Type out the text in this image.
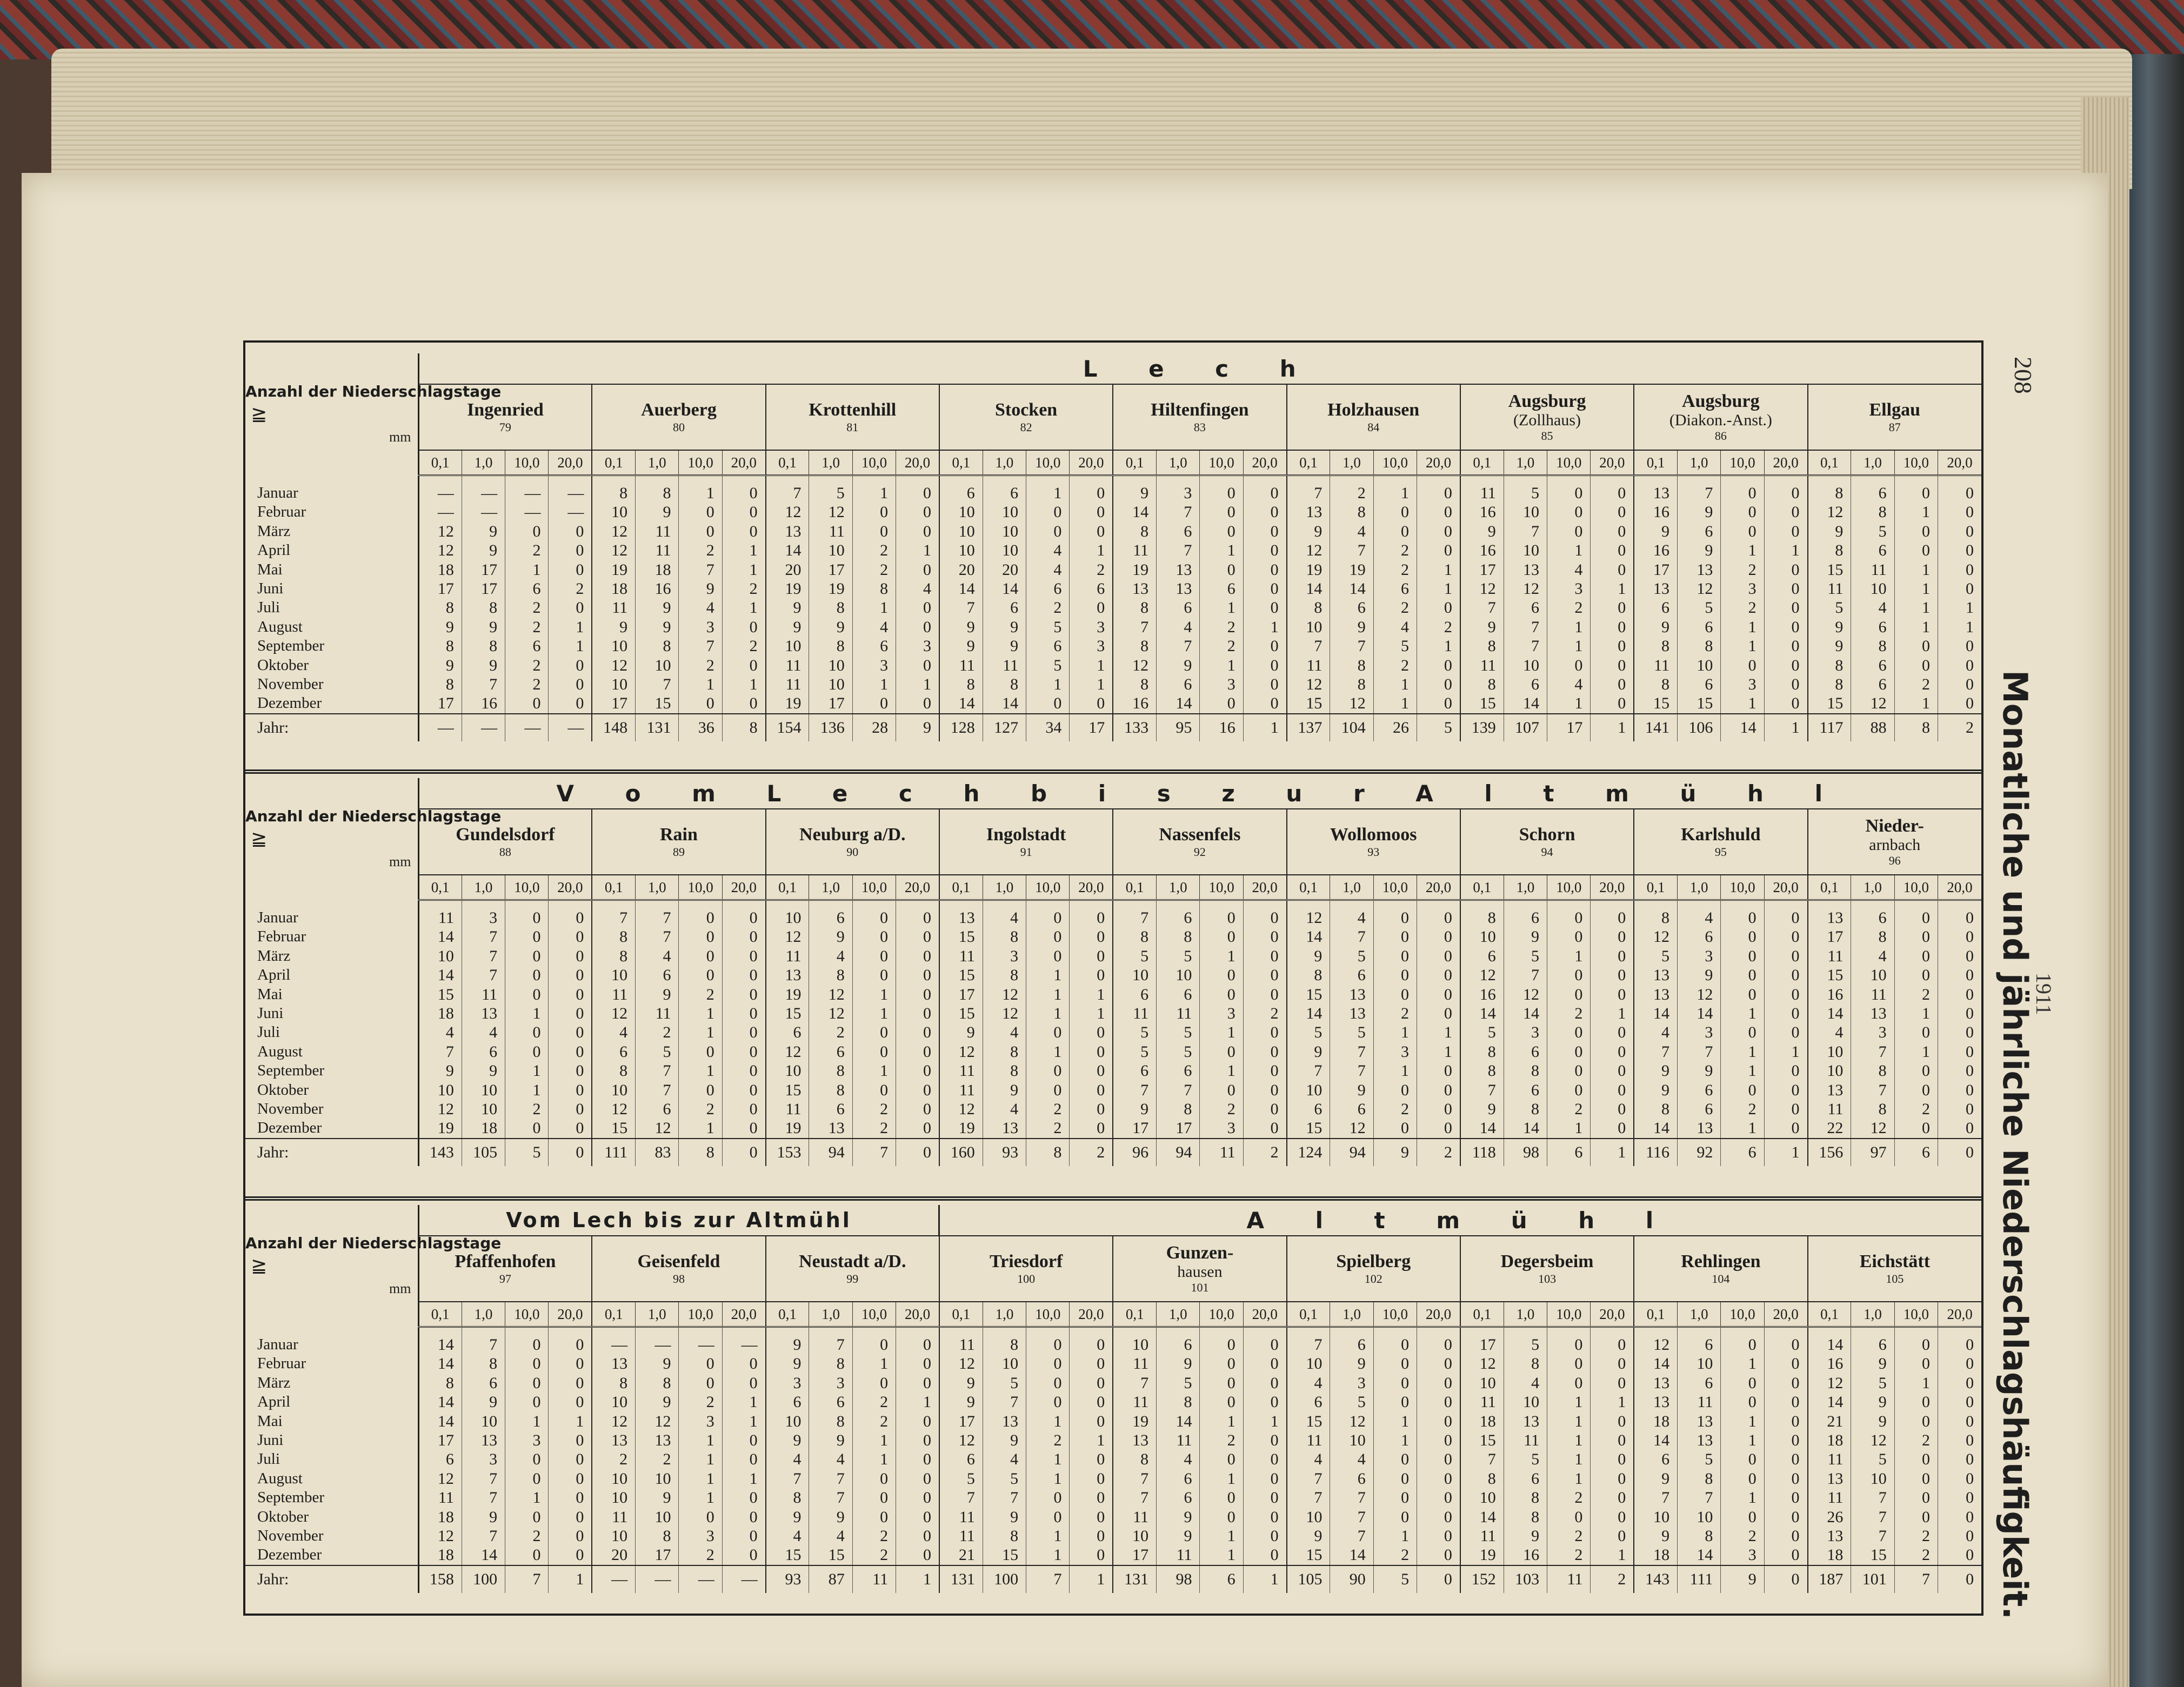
208
Monatliche und jährliche Niederschlagshäufigkeit.
1911
Anzahl der Niederschlagstage
≧
mm	L e c h																																			

	Ingenried
79				Auerberg
80				Krottenhill
81				Stocken
82				Hiltenfingen
83				Holzhausen
84				Augsburg
(Zollhaus)
85				Augsburg
(Diakon.-Anst.)
86				Ellgau
87			

	0,1	1,0	10,0	20,0	0,1	1,0	10,0	20,0	0,1	1,0	10,0	20,0	0,1	1,0	10,0	20,0	0,1	1,0	10,0	20,0	0,1	1,0	10,0	20,0	0,1	1,0	10,0	20,0	0,1	1,0	10,0	20,0	0,1	1,0	10,0	20,0

Januar	—	—	—	—	8	8	1	0	7	5	1	0	6	6	1	0	9	3	0	0	7	2	1	0	11	5	0	0	13	7	0	0	8	6	0	0
Februar	—	—	—	—	10	9	0	0	12	12	0	0	10	10	0	0	14	7	0	0	13	8	0	0	16	10	0	0	16	9	0	0	12	8	1	0
März	12	9	0	0	12	11	0	0	13	11	0	0	10	10	0	0	8	6	0	0	9	4	0	0	9	7	0	0	9	6	0	0	9	5	0	0
April	12	9	2	0	12	11	2	1	14	10	2	1	10	10	4	1	11	7	1	0	12	7	2	0	16	10	1	0	16	9	1	1	8	6	0	0
Mai	18	17	1	0	19	18	7	1	20	17	2	0	20	20	4	2	19	13	0	0	19	19	2	1	17	13	4	0	17	13	2	0	15	11	1	0
Juni	17	17	6	2	18	16	9	2	19	19	8	4	14	14	6	6	13	13	6	0	14	14	6	1	12	12	3	1	13	12	3	0	11	10	1	0
Juli	8	8	2	0	11	9	4	1	9	8	1	0	7	6	2	0	8	6	1	0	8	6	2	0	7	6	2	0	6	5	2	0	5	4	1	1
August	9	9	2	1	9	9	3	0	9	9	4	0	9	9	5	3	7	4	2	1	10	9	4	2	9	7	1	0	9	6	1	0	9	6	1	1
September	8	8	6	1	10	8	7	2	10	8	6	3	9	9	6	3	8	7	2	0	7	7	5	1	8	7	1	0	8	8	1	0	9	8	0	0
Oktober	9	9	2	0	12	10	2	0	11	10	3	0	11	11	5	1	12	9	1	0	11	8	2	0	11	10	0	0	11	10	0	0	8	6	0	0
November	8	7	2	0	10	7	1	1	11	10	1	1	8	8	1	1	8	6	3	0	12	8	1	0	8	6	4	0	8	6	3	0	8	6	2	0
Dezember	17	16	0	0	17	15	0	0	19	17	0	0	14	14	0	0	16	14	0	0	15	12	1	0	15	14	1	0	15	15	1	0	15	12	1	0
Jahr:	—	—	—	—	148	131	36	8	154	136	28	9	128	127	34	17	133	95	16	1	137	104	26	5	139	107	17	1	141	106	14	1	117	88	8	2
Anzahl der Niederschlagstage
≧
mm	V o m L e c h b i s z u r A l t m ü h l																																			

	Gundelsdorf
88				Rain
89				Neuburg a/D.
90				Ingolstadt
91				Nassenfels
92				Wollomoos
93				Schorn
94				Karlshuld
95				Nieder-
arnbach
96			

	0,1	1,0	10,0	20,0	0,1	1,0	10,0	20,0	0,1	1,0	10,0	20,0	0,1	1,0	10,0	20,0	0,1	1,0	10,0	20,0	0,1	1,0	10,0	20,0	0,1	1,0	10,0	20,0	0,1	1,0	10,0	20,0	0,1	1,0	10,0	20,0

Januar	11	3	0	0	7	7	0	0	10	6	0	0	13	4	0	0	7	6	0	0	12	4	0	0	8	6	0	0	8	4	0	0	13	6	0	0
Februar	14	7	0	0	8	7	0	0	12	9	0	0	15	8	0	0	8	8	0	0	14	7	0	0	10	9	0	0	12	6	0	0	17	8	0	0
März	10	7	0	0	8	4	0	0	11	4	0	0	11	3	0	0	5	5	1	0	9	5	0	0	6	5	1	0	5	3	0	0	11	4	0	0
April	14	7	0	0	10	6	0	0	13	8	0	0	15	8	1	0	10	10	0	0	8	6	0	0	12	7	0	0	13	9	0	0	15	10	0	0
Mai	15	11	0	0	11	9	2	0	19	12	1	0	17	12	1	1	6	6	0	0	15	13	0	0	16	12	0	0	13	12	0	0	16	11	2	0
Juni	18	13	1	0	12	11	1	0	15	12	1	0	15	12	1	1	11	11	3	2	14	13	2	0	14	14	2	1	14	14	1	0	14	13	1	0
Juli	4	4	0	0	4	2	1	0	6	2	0	0	9	4	0	0	5	5	1	0	5	5	1	1	5	3	0	0	4	3	0	0	4	3	0	0
August	7	6	0	0	6	5	0	0	12	6	0	0	12	8	1	0	5	5	0	0	9	7	3	1	8	6	0	0	7	7	1	1	10	7	1	0
September	9	9	1	0	8	7	1	0	10	8	1	0	11	8	0	0	6	6	1	0	7	7	1	0	8	8	0	0	9	9	1	0	10	8	0	0
Oktober	10	10	1	0	10	7	0	0	15	8	0	0	11	9	0	0	7	7	0	0	10	9	0	0	7	6	0	0	9	6	0	0	13	7	0	0
November	12	10	2	0	12	6	2	0	11	6	2	0	12	4	2	0	9	8	2	0	6	6	2	0	9	8	2	0	8	6	2	0	11	8	2	0
Dezember	19	18	0	0	15	12	1	0	19	13	2	0	19	13	2	0	17	17	3	0	15	12	0	0	14	14	1	0	14	13	1	0	22	12	0	0
Jahr:	143	105	5	0	111	83	8	0	153	94	7	0	160	93	8	2	96	94	11	2	124	94	9	2	118	98	6	1	116	92	6	1	156	97	6	0
Anzahl der Niederschlagstage
≧
mm	Vom Lech bis zur Altmühl												A l t m ü h l																							

	Pfaffenhofen
97				Geisenfeld
98				Neustadt a/D.
99				Triesdorf
100				Gunzen-
hausen
101				Spielberg
102				Degersbeim
103				Rehlingen
104				Eichstätt
105			

	0,1	1,0	10,0	20,0	0,1	1,0	10,0	20,0	0,1	1,0	10,0	20,0	0,1	1,0	10,0	20,0	0,1	1,0	10,0	20,0	0,1	1,0	10,0	20,0	0,1	1,0	10,0	20,0	0,1	1,0	10,0	20,0	0,1	1,0	10,0	20,0

Januar	14	7	0	0	—	—	—	—	9	7	0	0	11	8	0	0	10	6	0	0	7	6	0	0	17	5	0	0	12	6	0	0	14	6	0	0
Februar	14	8	0	0	13	9	0	0	9	8	1	0	12	10	0	0	11	9	0	0	10	9	0	0	12	8	0	0	14	10	1	0	16	9	0	0
März	8	6	0	0	8	8	0	0	3	3	0	0	9	5	0	0	7	5	0	0	4	3	0	0	10	4	0	0	13	6	0	0	12	5	1	0
April	14	9	0	0	10	9	2	1	6	6	2	1	9	7	0	0	11	8	0	0	6	5	0	0	11	10	1	1	13	11	0	0	14	9	0	0
Mai	14	10	1	1	12	12	3	1	10	8	2	0	17	13	1	0	19	14	1	1	15	12	1	0	18	13	1	0	18	13	1	0	21	9	0	0
Juni	17	13	3	0	13	13	1	0	9	9	1	0	12	9	2	1	13	11	2	0	11	10	1	0	15	11	1	0	14	13	1	0	18	12	2	0
Juli	6	3	0	0	2	2	1	0	4	4	1	0	6	4	1	0	8	4	0	0	4	4	0	0	7	5	1	0	6	5	0	0	11	5	0	0
August	12	7	0	0	10	10	1	1	7	7	0	0	5	5	1	0	7	6	1	0	7	6	0	0	8	6	1	0	9	8	0	0	13	10	0	0
September	11	7	1	0	10	9	1	0	8	7	0	0	7	7	0	0	7	6	0	0	7	7	0	0	10	8	2	0	7	7	1	0	11	7	0	0
Oktober	18	9	0	0	11	10	0	0	9	9	0	0	11	9	0	0	11	9	0	0	10	7	0	0	14	8	0	0	10	10	0	0	26	7	0	0
November	12	7	2	0	10	8	3	0	4	4	2	0	11	8	1	0	10	9	1	0	9	7	1	0	11	9	2	0	9	8	2	0	13	7	2	0
Dezember	18	14	0	0	20	17	2	0	15	15	2	0	21	15	1	0	17	11	1	0	15	14	2	0	19	16	2	1	18	14	3	0	18	15	2	0
Jahr:	158	100	7	1	—	—	—	—	93	87	11	1	131	100	7	1	131	98	6	1	105	90	5	0	152	103	11	2	143	111	9	0	187	101	7	0
